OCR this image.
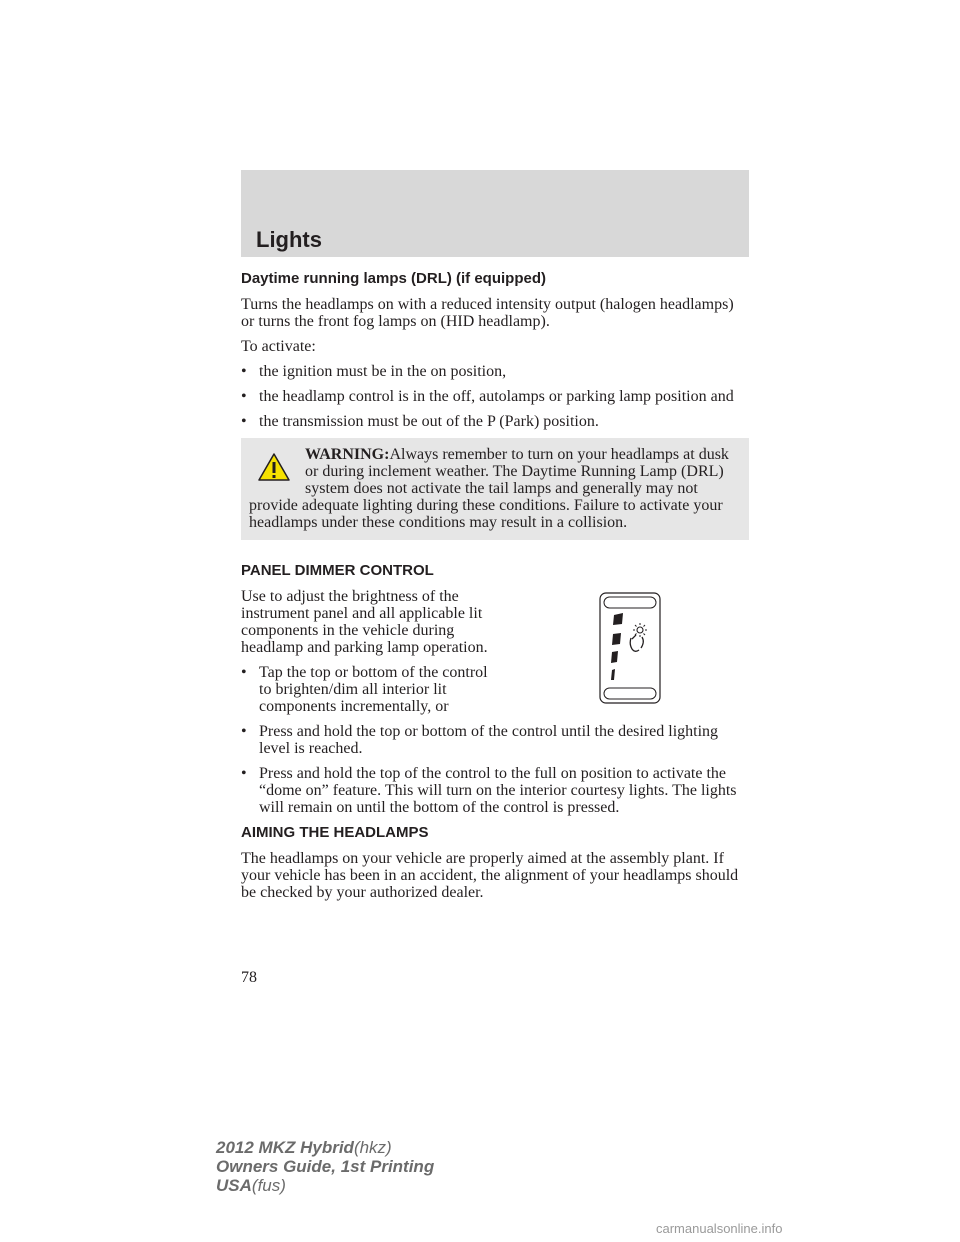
Lights
Daytime running lamps (DRL) (if equipped)

Turns the headlamps on with a reduced intensity output (halogen headlamps) or turns the front fog lamps on (HID headlamp).

To activate:

• the ignition must be in the on position,
• the headlamp control is in the off, autolamps or parking lamp position and
• the transmission must be out of the P (Park) position.
WARNING:Always remember to turn on your headlamps at dusk or during inclement weather. The Daytime Running Lamp (DRL) system does not activate the tail lamps and generally may not provide adequate lighting during these conditions. Failure to activate your headlamps under these conditions may result in a collision.
PANEL DIMMER CONTROL

Use to adjust the brightness of the instrument panel and all applicable lit components in the vehicle during headlamp and parking lamp operation.

• Tap the top or bottom of the control to brighten/dim all interior lit components incrementally, or
• Press and hold the top or bottom of the control until the desired lighting level is reached.
• Press and hold the top of the control to the full on position to activate the “dome on” feature. This will turn on the interior courtesy lights. The lights will remain on until the bottom of the control is pressed.
AIMING THE HEADLAMPS

The headlamps on your vehicle are properly aimed at the assembly plant. If your vehicle has been in an accident, the alignment of your headlamps should be checked by your authorized dealer.

78

2012 MKZ Hybrid(hkz)
Owners Guide, 1st Printing
USA(fus)
carmanualsonline.info
